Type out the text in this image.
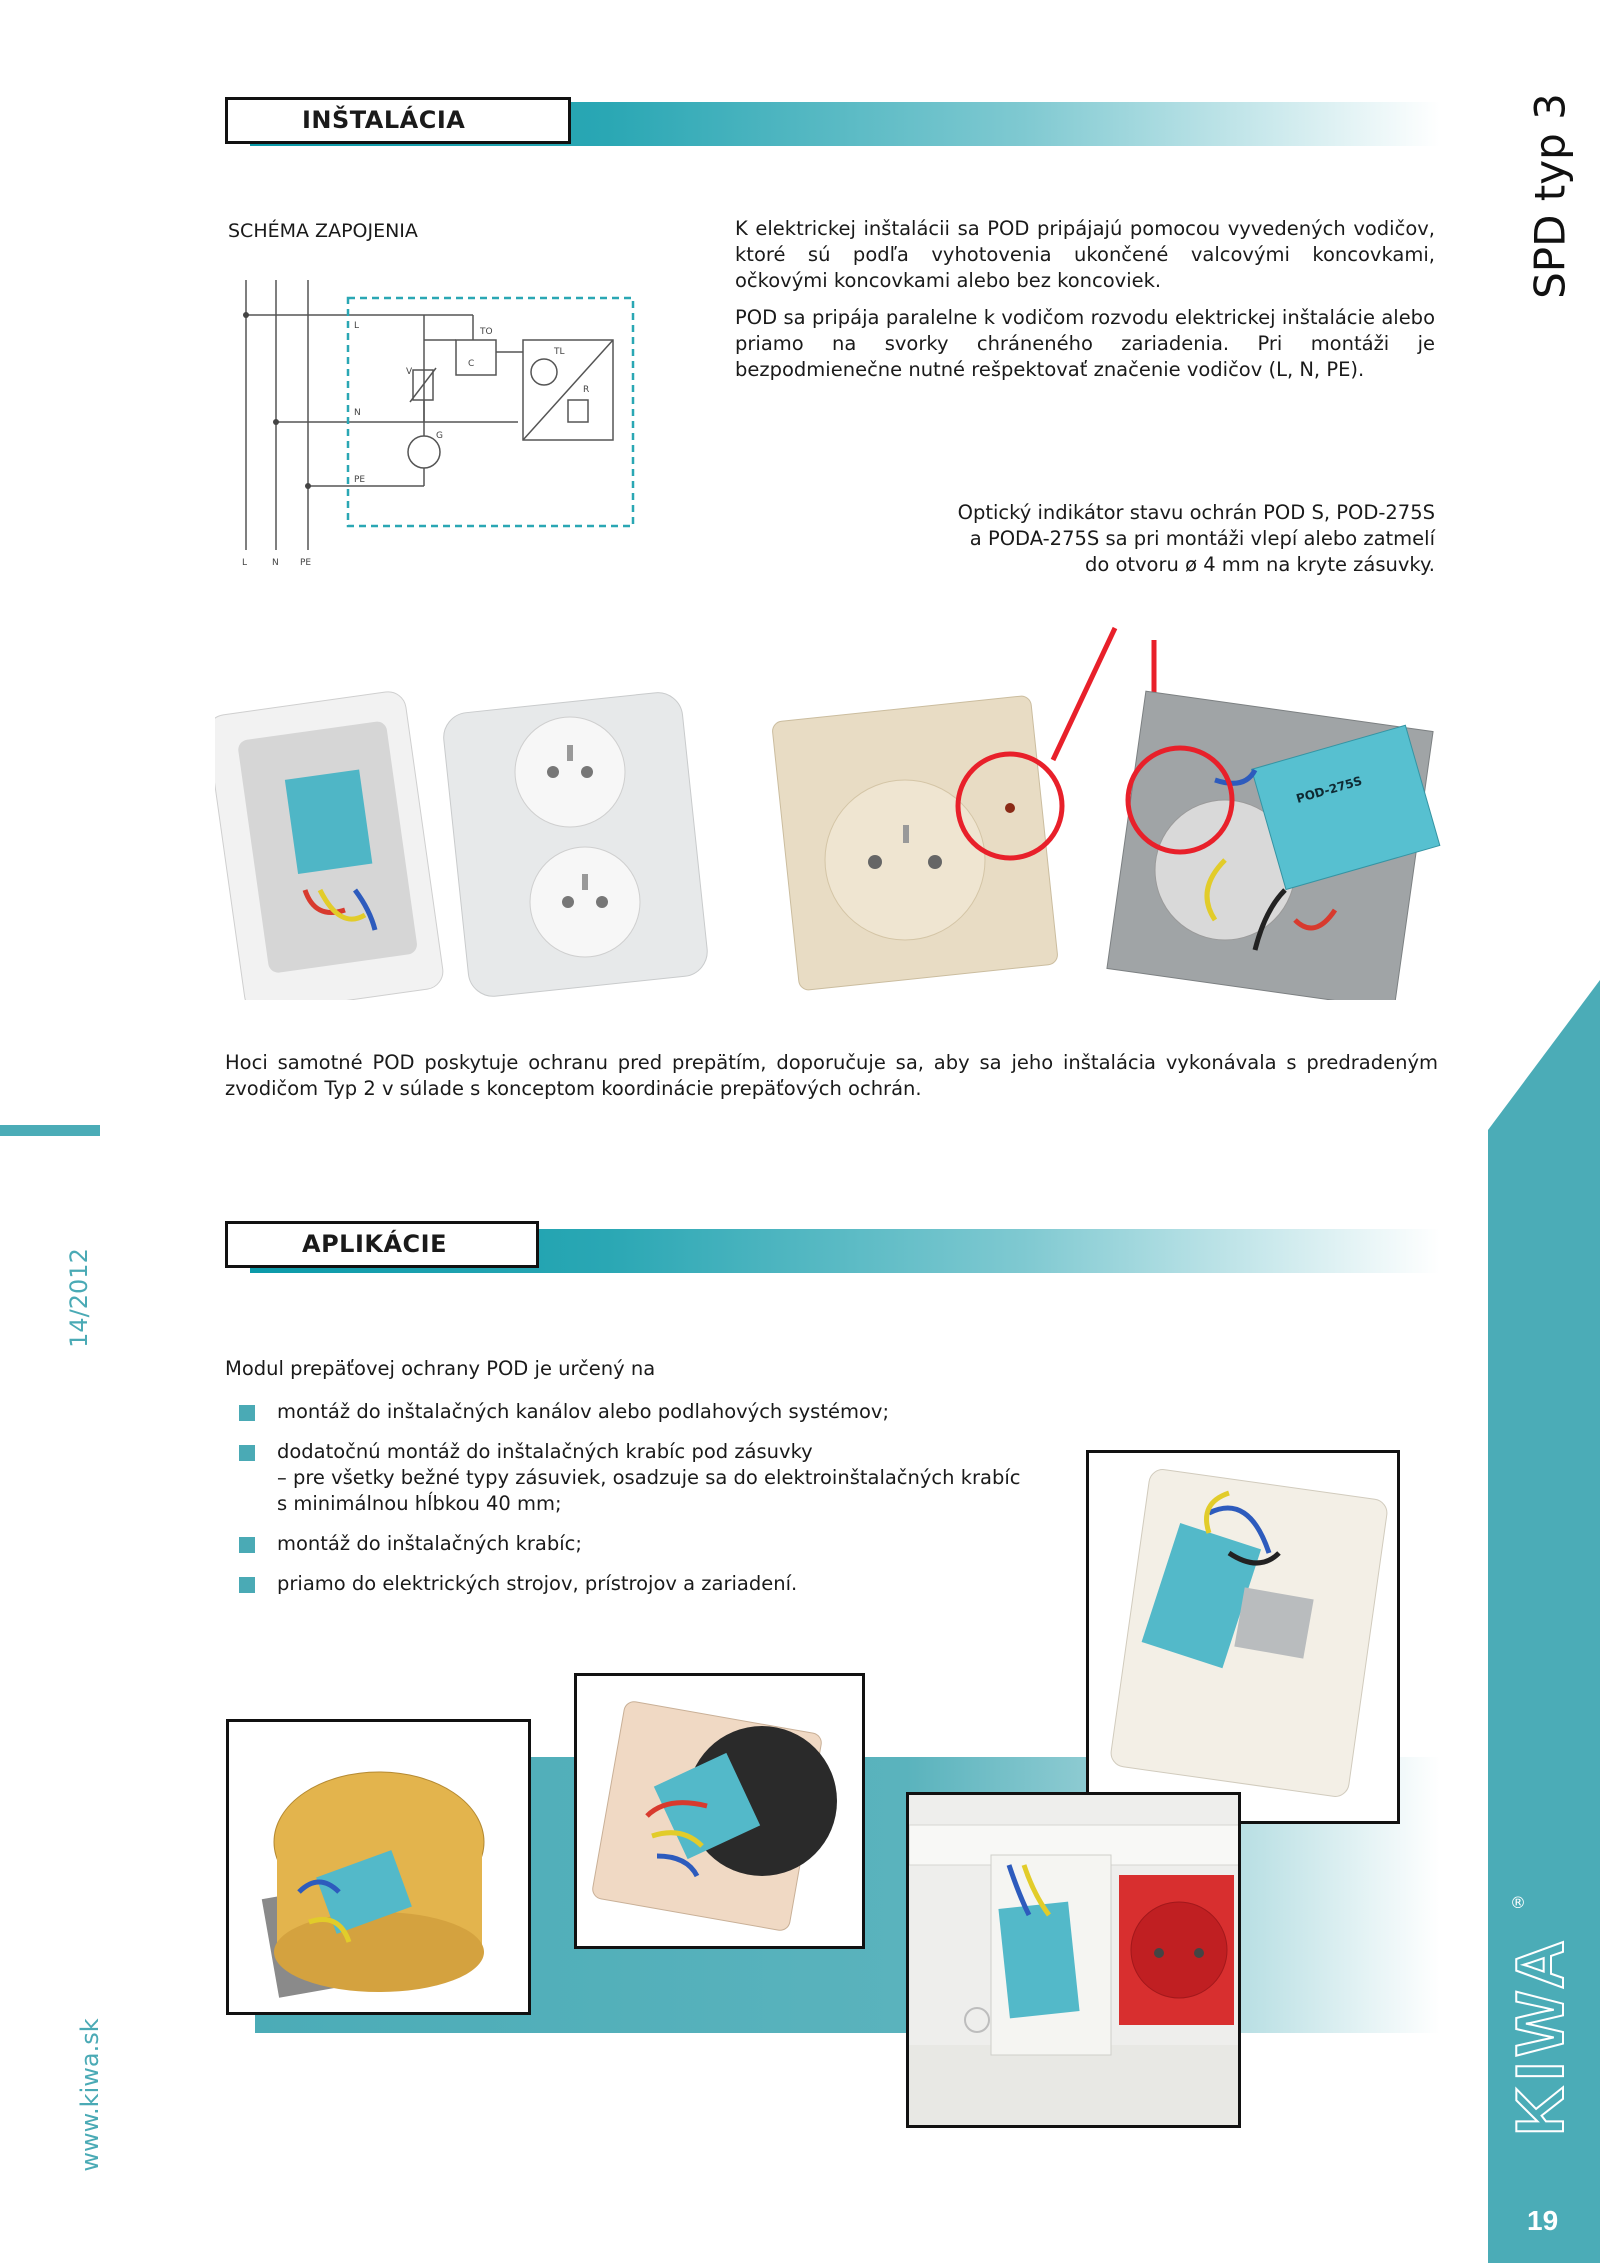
INŠTALÁCIA	SPD typ 3
SCHÉMA ZAPOJENIA
L
N
PE
TO
C
V
G
TL
R
L	N PE

K elektrickej inštalácii sa POD pripájajú pomocou vyvedených vodičov, ktoré sú podľa vyhotovenia ukončené valcovými koncovkami, očkovými koncovkami alebo bez koncoviek.

POD sa pripája paralelne k vodičom rozvodu elektrickej inštalácie alebo priamo na svorky chráneného zariadenia. Pri montáži je bezpodmienečne nutné rešpektovať značenie vodičov (L, N, PE).

Optický indikátor stavu ochrán POD S, POD-275S
a PODA-275S sa pri montáži vlepí alebo zatmelí
do otvoru ø 4 mm na kryte zásuvky.
POD-275S
Hoci samotné POD poskytuje ochranu pred prepätím, doporučuje sa, aby sa jeho inštalácia vykonávala s predradeným zvodičom Typ 2 v súlade s konceptom koordinácie prepäťových ochrán.
APLIKÁCIE
Modul prepäťovej ochrany POD je určený na
montáž do inštalačných kanálov alebo podlahových systémov;
dodatočnú montáž do inštalačných krabíc pod zásuvky
– pre všetky bežné typy zásuviek, osadzuje sa do elektroinštalačných krabíc
s minimálnou hĺbkou 40 mm;
montáž do inštalačných krabíc;
priamo do elektrických strojov, prístrojov a zariadení.
14/2012
www.kiwa.sk	KIWA
®
19
